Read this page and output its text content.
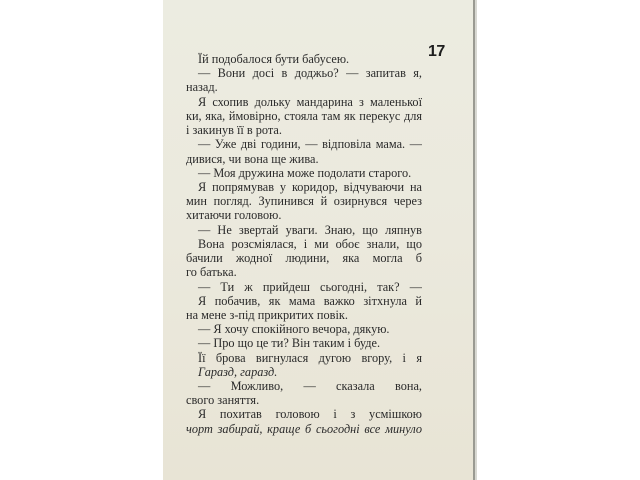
17
Їй подобалося бути бабусею.
— Вони досі в доджьо? — запитав я,
назад.
Я схопив дольку мандарина з маленької
ки, яка, ймовірно, стояла там як перекус для
і закинув її в рота.
— Уже дві години, — відповіла мама. —
дивися, чи вона ще жива.
— Моя дружина може подолати старого.
Я попрямував у коридор, відчуваючи на
мин погляд. Зупинився й озирнувся через
хитаючи головою.
— Не звертай уваги. Знаю, що ляпнув
Вона розсміялася, і ми обоє знали, що
бачили жодної людини, яка могла б
го батька.
— Ти ж прийдеш сьогодні, так? —
Я побачив, як мама важко зітхнула й
на мене з-під прикритих повік.
— Я хочу спокійного вечора, дякую.
— Про що це ти? Він таким і буде.
Її брова вигнулася дугою вгору, і я
Гаразд, гаразд.
— Можливо, — сказала вона,
свого заняття.
Я похитав головою і з усмішкою
чорт забирай, краще б сьогодні все минуло
